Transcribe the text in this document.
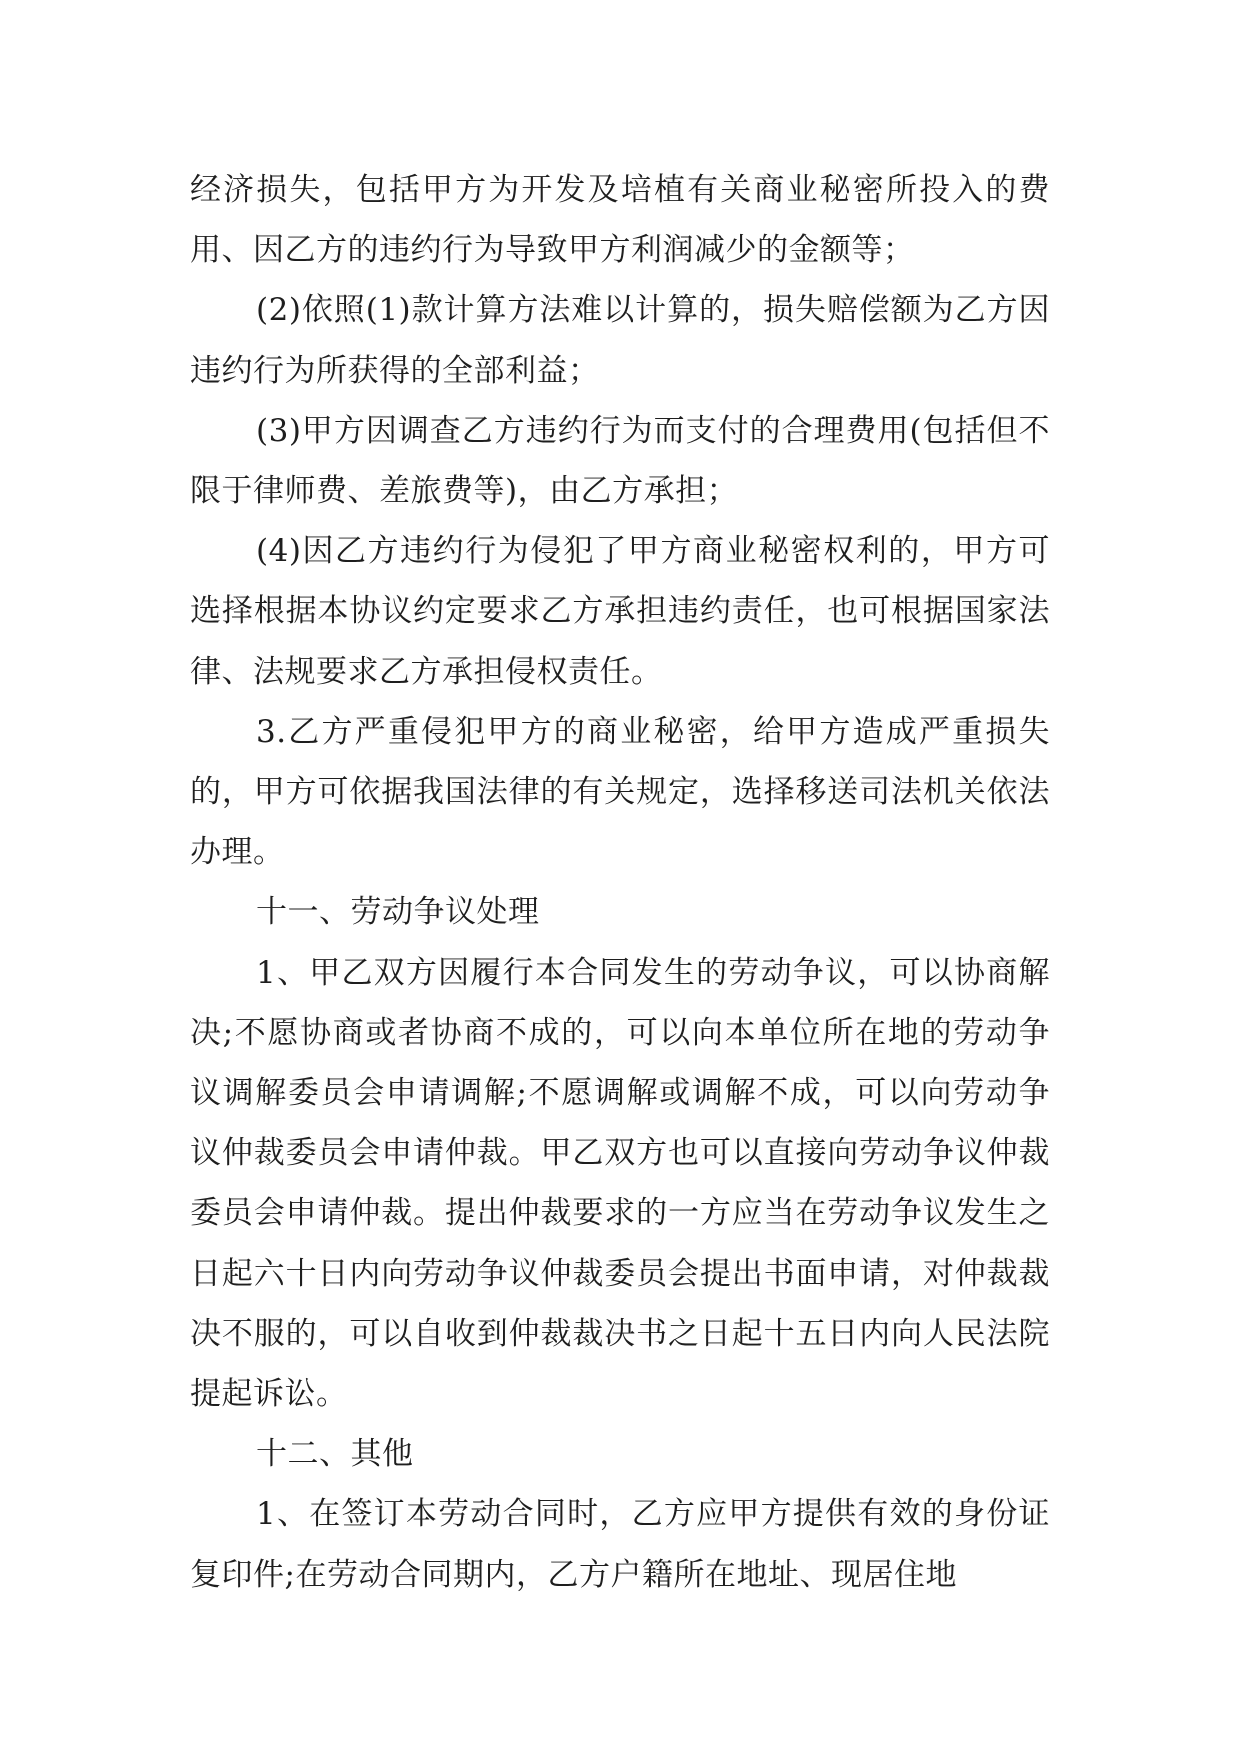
经济损失，包括甲方为开发及培植有关商业秘密所投入的费用、因乙方的违约行为导致甲方利润减少的金额等；

(2)依照(1)款计算方法难以计算的，损失赔偿额为乙方因违约行为所获得的全部利益；

(3)甲方因调查乙方违约行为而支付的合理费用(包括但不限于律师费、差旅费等)，由乙方承担；

(4)因乙方违约行为侵犯了甲方商业秘密权利的，甲方可选择根据本协议约定要求乙方承担违约责任，也可根据国家法律、法规要求乙方承担侵权责任。

3.乙方严重侵犯甲方的商业秘密，给甲方造成严重损失的，甲方可依据我国法律的有关规定，选择移送司法机关依法办理。

十一、劳动争议处理

1、甲乙双方因履行本合同发生的劳动争议，可以协商解决;不愿协商或者协商不成的，可以向本单位所在地的劳动争议调解委员会申请调解;不愿调解或调解不成，可以向劳动争议仲裁委员会申请仲裁。甲乙双方也可以直接向劳动争议仲裁委员会申请仲裁。提出仲裁要求的一方应当在劳动争议发生之日起六十日内向劳动争议仲裁委员会提出书面申请，对仲裁裁决不服的，可以自收到仲裁裁决书之日起十五日内向人民法院提起诉讼。

十二、其他

1、在签订本劳动合同时，乙方应甲方提供有效的身份证复印件;在劳动合同期内，乙方户籍所在地址、现居住地
